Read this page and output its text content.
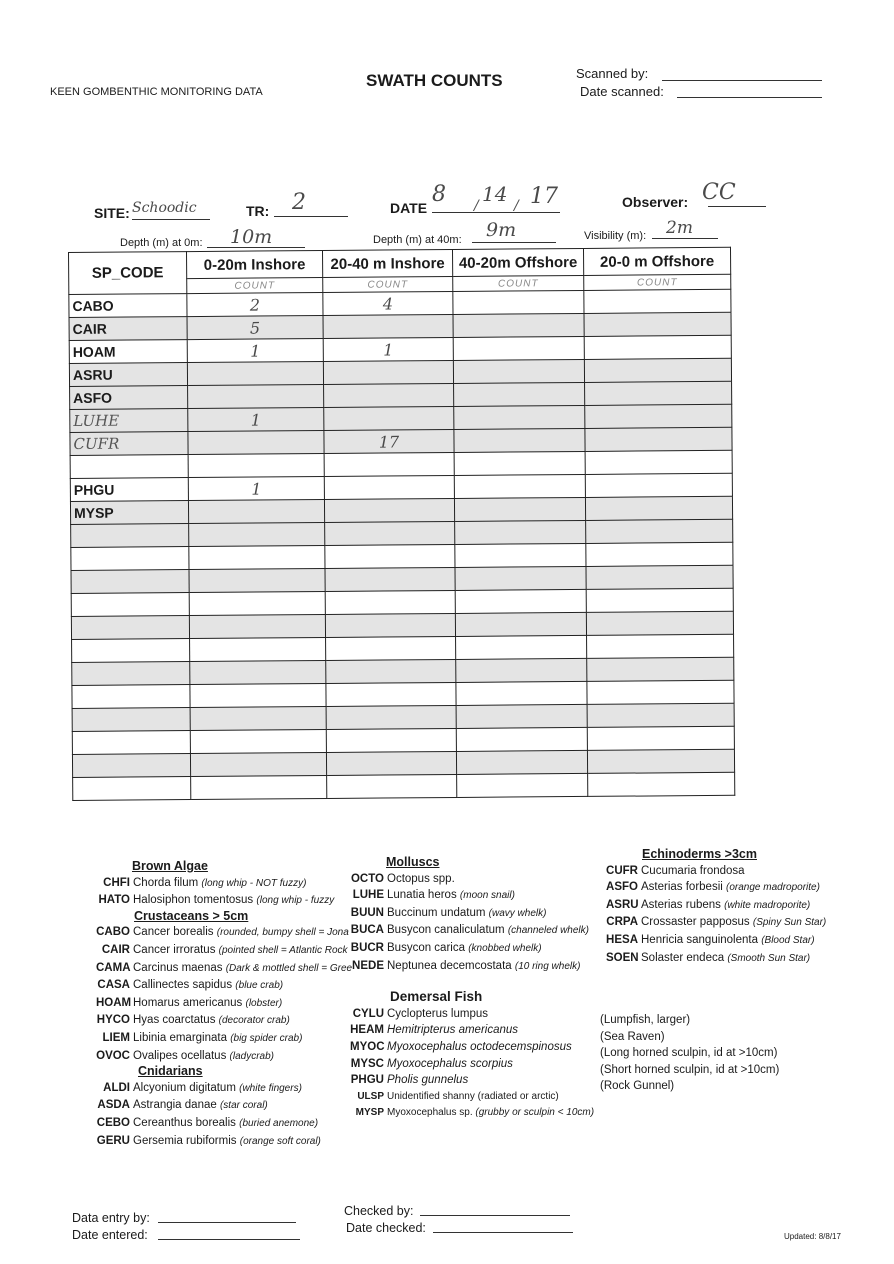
KEEN GOMBENTHIC MONITORING DATA
SWATH COUNTS	Scanned by:
Date scanned:
SITE: Schoodic	TR: 2	DATE
8 / 14 / 17	Observer: CC
Depth (m) at 0m: 10m	Depth (m) at 40m: 9m	Visibility (m): 2m
SP_CODE	0-20m Inshore	20-40 m Inshore	40-20m Offshore	20-0 m Offshore
	COUNT	COUNT	COUNT	COUNT
CABO	2	4		
CAIR	5			
HOAM	1	1		
ASRU				
ASFO				
LUHE	1			
CUFR		17		

PHGU	1			
MYSP				

Brown Algae
CHFI Chorda filum (long whip - NOT fuzzy)
HATO Halosiphon tomentosus (long whip - fuzzy
Crustaceans > 5cm
CABO Cancer borealis (rounded, bumpy shell = Jona
CAIR Cancer irroratus (pointed shell = Atlantic Rock
CAMA Carcinus maenas (Dark & mottled shell = Gree
CASA Callinectes sapidus (blue crab)
HOAM Homarus americanus (lobster)
HYCO Hyas coarctatus (decorator crab)
LIEM Libinia emarginata (big spider crab)
OVOC Ovalipes ocellatus (ladycrab)
Cnidarians
ALDI Alcyonium digitatum (white fingers)
ASDA Astrangia danae (star coral)
CEBO Cereanthus borealis (buried anemone)
GERU Gersemia rubiformis (orange soft coral)
Molluscs
OCTO Octopus spp.
LUHE Lunatia heros (moon snail)
BUUN Buccinum undatum (wavy whelk)
BUCA Busycon canaliculatum (channeled whelk)
BUCR Busycon carica (knobbed whelk)
NEDE Neptunea decemcostata (10 ring whelk)
Demersal Fish
CYLU Cyclopterus lumpus
HEAM Hemitripterus americanus
MYOC Myoxocephalus octodecemspinosus
MYSC Myoxocephalus scorpius
PHGU Pholis gunnelus
ULSP Unidentified shanny (radiated or arctic)
MYSP Myoxocephalus sp. (grubby or sculpin < 10cm)
(Lumpfish, larger)
(Sea Raven)
(Long horned sculpin, id at >10cm)
(Short horned sculpin, id at >10cm)
(Rock Gunnel)
Echinoderms >3cm
CUFR Cucumaria frondosa
ASFO Asterias forbesii (orange madroporite)
ASRU Asterias rubens (white madroporite)
CRPA Crossaster papposus (Spiny Sun Star)
HESA Henricia sanguinolenta (Blood Star)
SOEN Solaster endeca (Smooth Sun Star)
Data entry by:
Date entered:
Checked by:
Date checked:
Updated: 8/8/17
